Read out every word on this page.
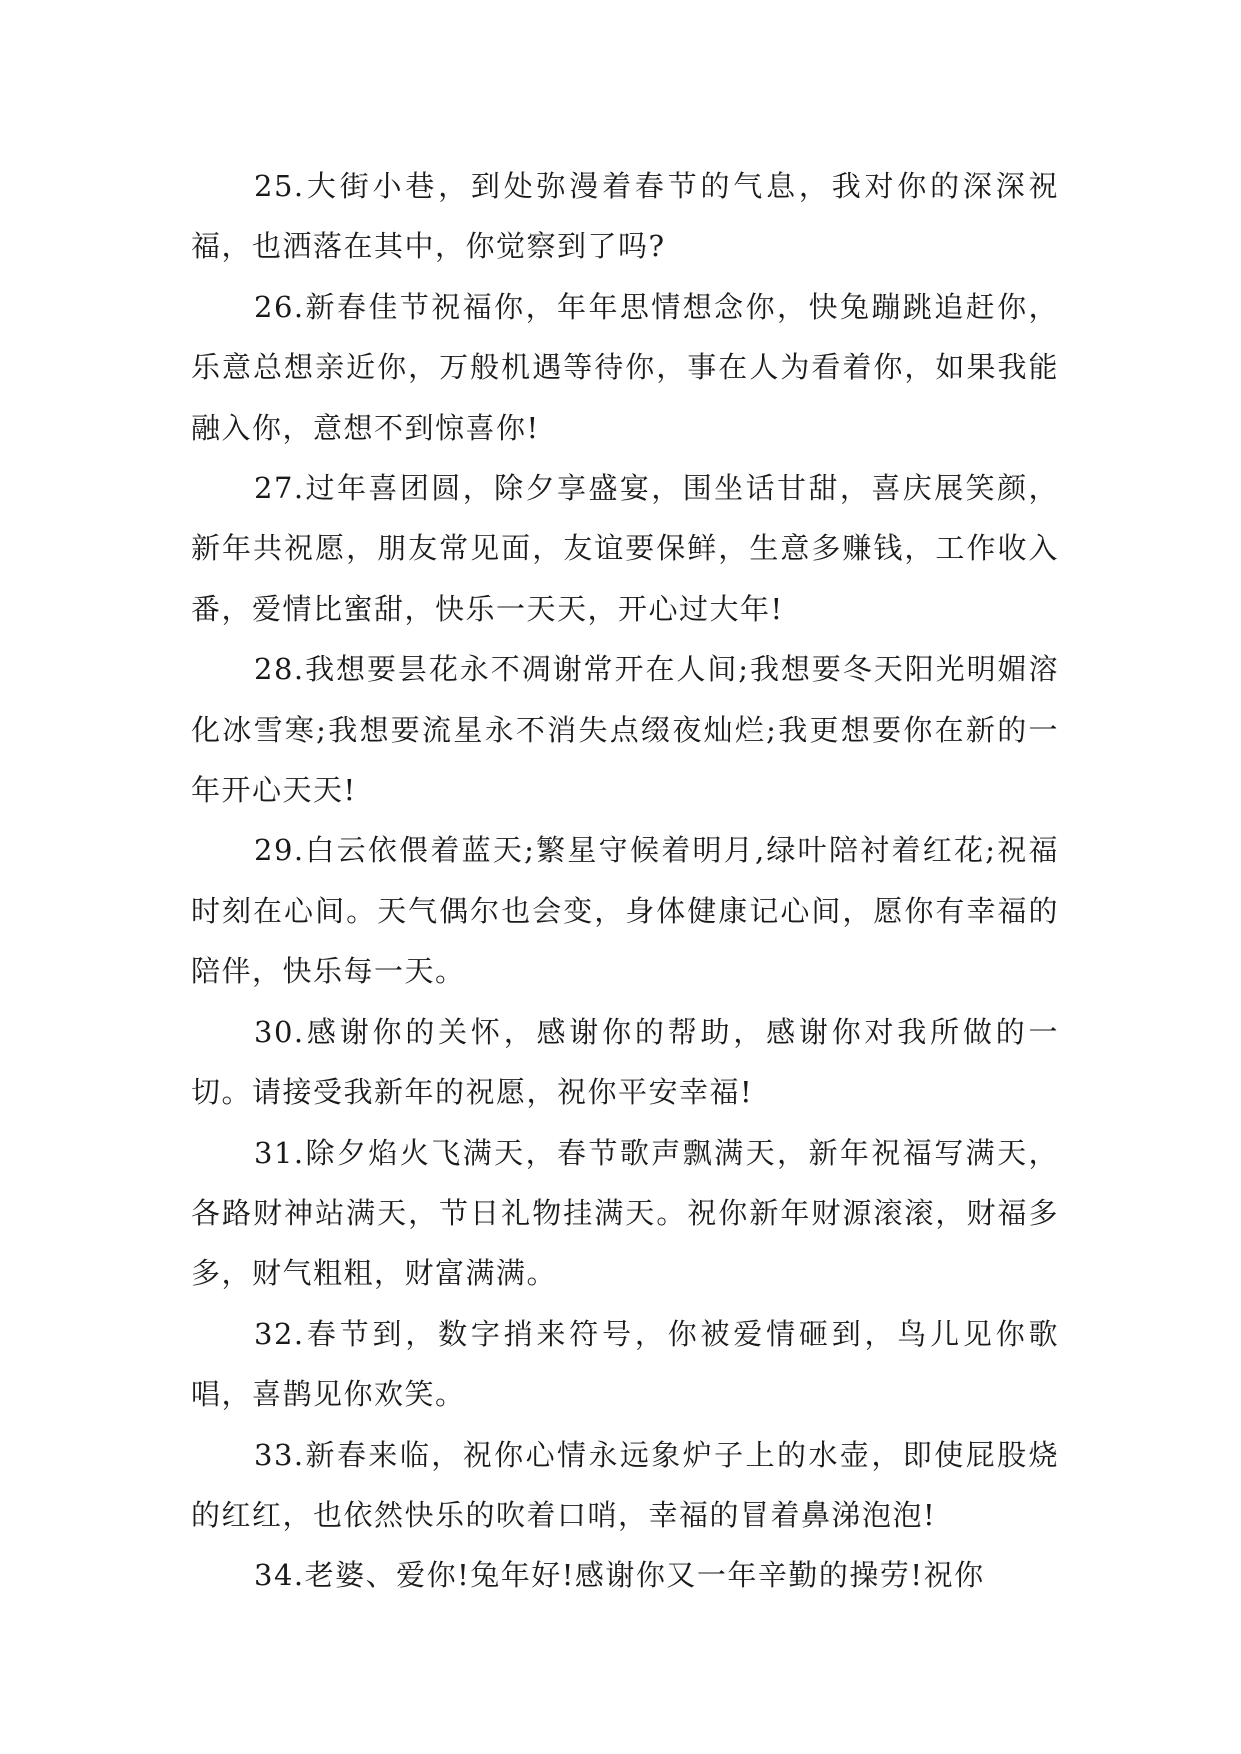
25.大街小巷，到处弥漫着春节的气息，我对你的深深祝福，也洒落在其中，你觉察到了吗?

26.新春佳节祝福你，年年思情想念你，快兔蹦跳追赶你，乐意总想亲近你，万般机遇等待你，事在人为看着你，如果我能融入你，意想不到惊喜你!

27.过年喜团圆，除夕享盛宴，围坐话甘甜，喜庆展笑颜，新年共祝愿，朋友常见面，友谊要保鲜，生意多赚钱，工作收入番，爱情比蜜甜，快乐一天天，开心过大年!

28.我想要昙花永不凋谢常开在人间;我想要冬天阳光明媚溶化冰雪寒;我想要流星永不消失点缀夜灿烂;我更想要你在新的一年开心天天!

29.白云依偎着蓝天;繁星守候着明月,绿叶陪衬着红花;祝福时刻在心间。天气偶尔也会变，身体健康记心间，愿你有幸福的陪伴，快乐每一天。

30.感谢你的关怀，感谢你的帮助，感谢你对我所做的一切。请接受我新年的祝愿，祝你平安幸福!

31.除夕焰火飞满天，春节歌声飘满天，新年祝福写满天，各路财神站满天，节日礼物挂满天。祝你新年财源滚滚，财福多多，财气粗粗，财富满满。

32.春节到，数字捎来符号，你被爱情砸到，鸟儿见你歌唱，喜鹊见你欢笑。

33.新春来临，祝你心情永远象炉子上的水壶，即使屁股烧的红红，也依然快乐的吹着口哨，幸福的冒着鼻涕泡泡!

34.老婆、爱你!兔年好!感谢你又一年辛勤的操劳!祝你
